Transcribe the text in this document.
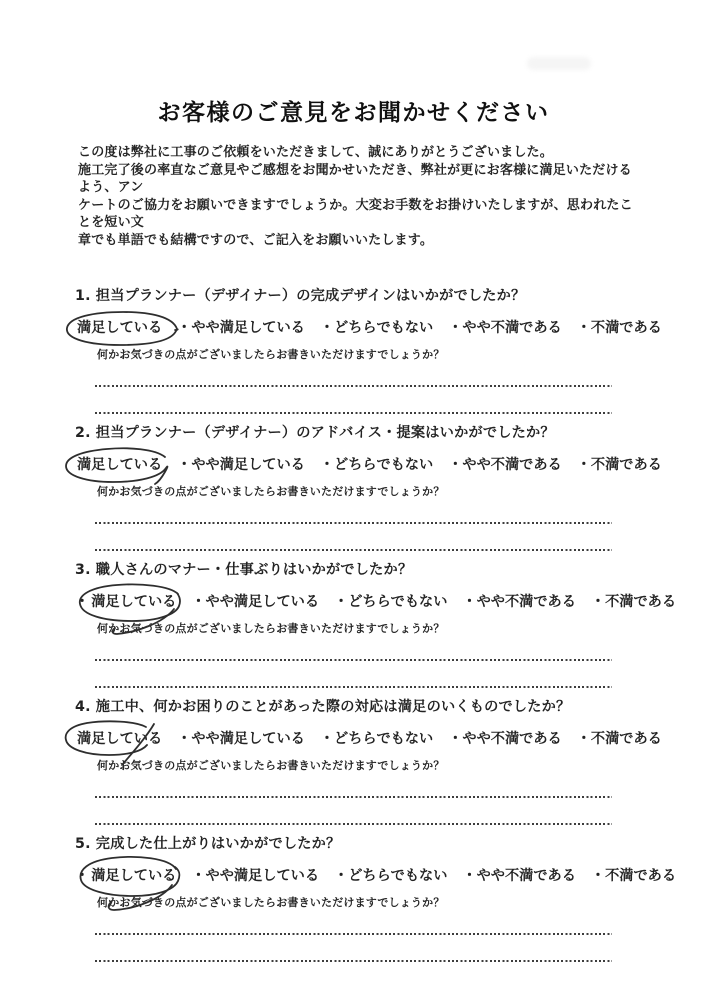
お客様のご意見をお聞かせください
この度は弊社に工事のご依頼をいただきまして、誠にありがとうございました。
施工完了後の率直なご意見やご感想をお聞かせいただき、弊社が更にお客様に満足いただけるよう、アン
ケートのご協力をお願いできますでしょうか。大変お手数をお掛けいたしますが、思われたことを短い文
章でも単語でも結構ですので、ご記入をお願いいたします。
1. 担当プランナー（デザイナー）の完成デザインはいかがでしたか？
満足している ・やや満足している ・どちらでもない ・やや不満である ・不満である
何かお気づきの点がございましたらお書きいただけますでしょうか？
2. 担当プランナー（デザイナー）のアドバイス・提案はいかがでしたか？
満足している ・やや満足している ・どちらでもない ・やや不満である ・不満である
何かお気づきの点がございましたらお書きいただけますでしょうか？
3. 職人さんのマナー・仕事ぶりはいかがでしたか？
・ 満足している ・やや満足している ・どちらでもない ・やや不満である ・不満である
何かお気づきの点がございましたらお書きいただけますでしょうか？
4. 施工中、何かお困りのことがあった際の対応は満足のいくものでしたか？
満足している ・やや満足している ・どちらでもない ・やや不満である ・不満である
何かお気づきの点がございましたらお書きいただけますでしょうか？
5. 完成した仕上がりはいかがでしたか？
・ 満足している ・やや満足している ・どちらでもない ・やや不満である ・不満である
何かお気づきの点がございましたらお書きいただけますでしょうか？
